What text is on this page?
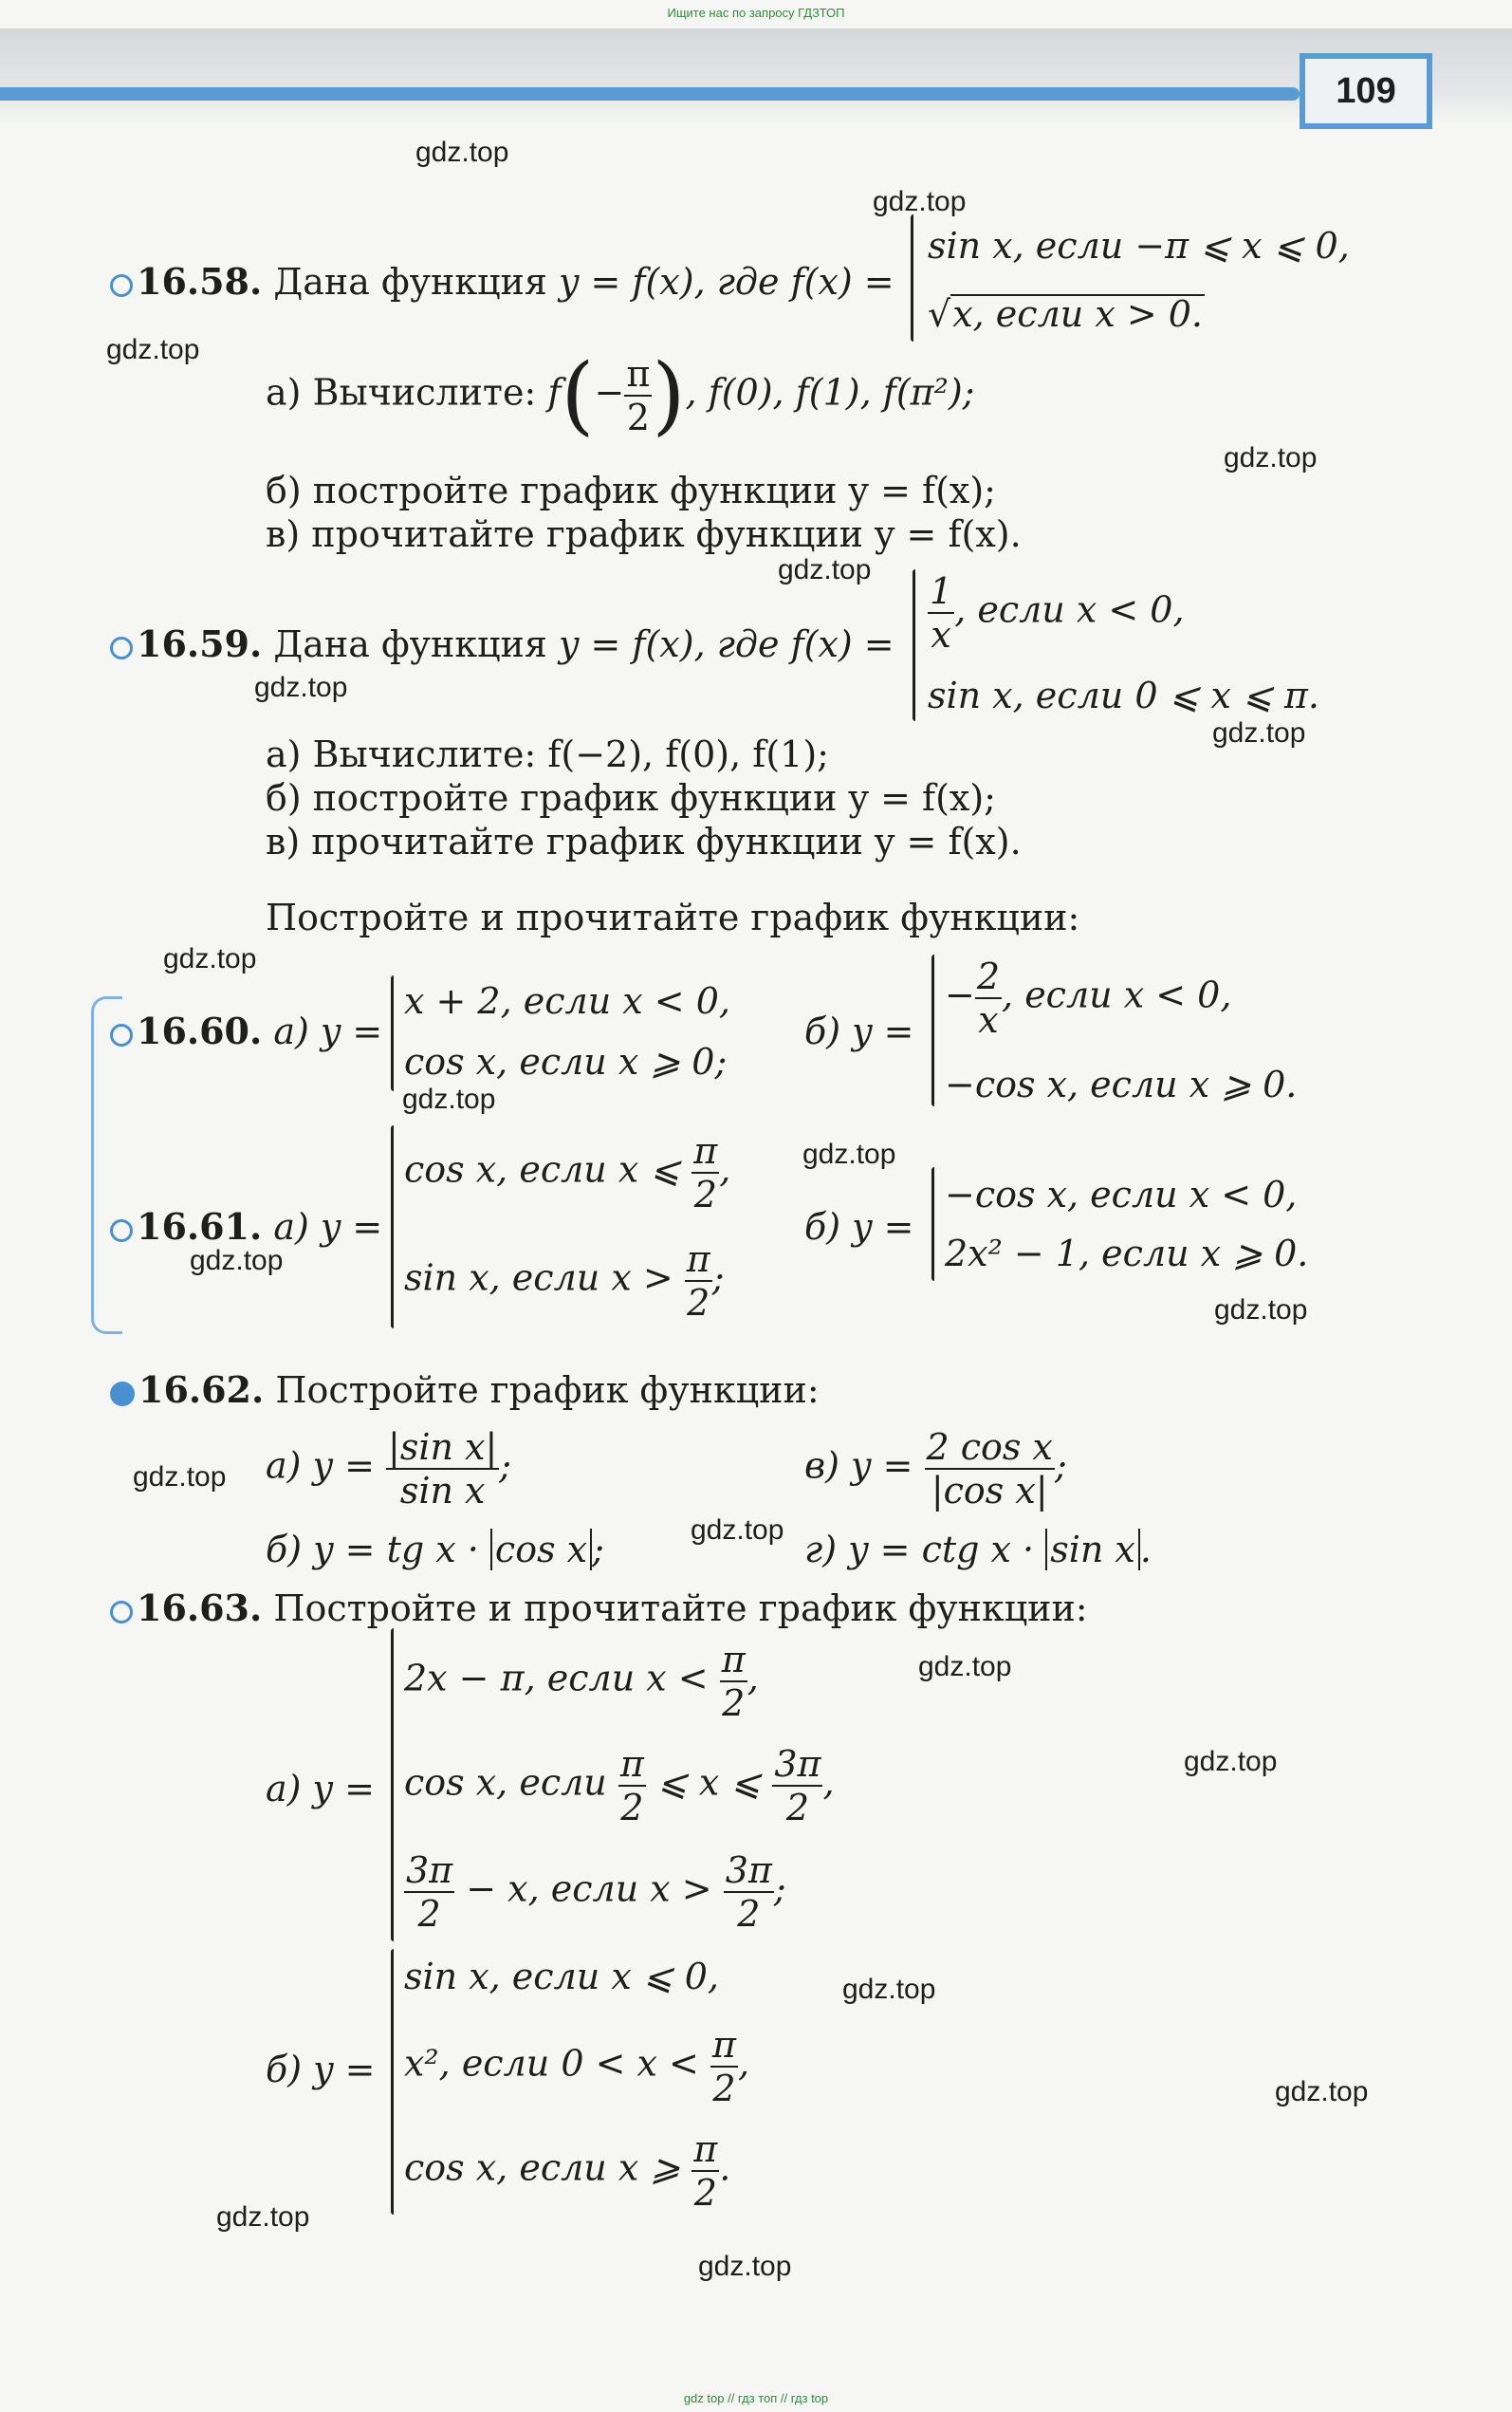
Ищите нас по запросу ГДЗТОП
109
gdz.top
gdz.top
gdz.top
gdz.top
gdz.top
gdz.top
gdz.top
gdz.top
gdz.top
gdz.top
gdz.top
gdz.top
gdz.top
gdz.top
gdz.top
gdz.top
gdz.top
gdz.top
gdz.top
gdz.top
16.58. Дана функция y = f(x), где f(x) =
sin x, если −π ⩽ x ⩽ 0,
√x, если x > 0.
а) Вычислите: $f(- \frac{\pi}{2}$ ), f(0), f(1), f(π²);
б) постройте график функции y = f(x);
в) прочитайте график функции y = f(x).
16.59. Дана функция y = f(x), где $f(x) = \frac{1}{x}$ , если x < 0,
sin x, если 0 ⩽ x ⩽ π.
а) Вычислите: f(−2), f(0), f(1);
б) постройте график функции y = f(x);
в) прочитайте график функции y = f(x).
Постройте и прочитайте график функции:
16.60. а) y =
x + 2, если x < 0,
cos x, если x ⩾ 0;
б) y =
− $\frac{2}{x}$ , если x < 0,
−cos x, если x ⩾ 0.
16.61. а) y =
cos x, если x ⩽ $\frac{\pi}{2}$ ,
sin x, если $x > \frac{\pi}{2}$ ;
б) y =
−cos x, если x < 0,
2x² − 1, если x ⩾ 0.
16.62. Постройте график функции:
а) $y = \frac{\text{|sin x|}}{\text{sin x}}$ ;	в) $y = \frac{\text{2 cos x}}{\text{|cos x|}}$ ;
б) y = tg x · cos x ;	г) y = ctg x · sin x .
16.63. Постройте и прочитайте график функции:
а) y =
2x − π, если $x < \frac{\pi}{2}$ ,
cos x, если $\frac{\pi}{2}$ ⩽ x ⩽ $\frac{3\pi}{2}$ ,
$\frac{3\pi}{2} - x$, если $x > \frac{3\pi}{2}$ ;
б) y =
sin x, если x ⩽ 0,
x², если $0 < x < \frac{\pi}{2}$ ,
cos x, если x ⩾ $\frac{\pi}{2}$ .
gdz top // гдз топ // гдз top
